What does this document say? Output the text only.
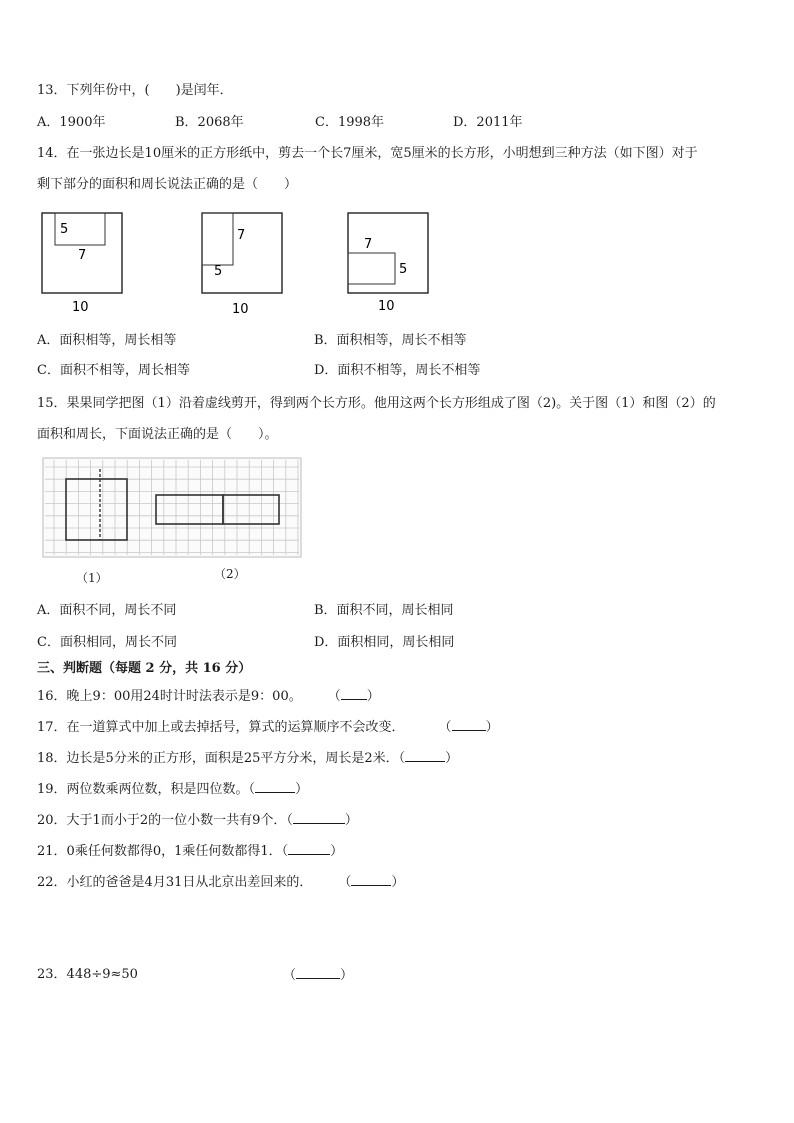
13．下列年份中，(　　)是闰年．
A．1900年	B．2068年	C．1998年	D．2011年
14．在一张边长是10厘米的正方形纸中，剪去一个长7厘米，宽5厘米的长方形，小明想到三种方法（如下图）对于
剩下部分的面积和周长说法正确的是（　　）
5
7
10
7
5
10
7
5
10
A．面积相等，周长相等	B．面积相等，周长不相等
C．面积不相等，周长相等	D．面积不相等，周长不相等
15．果果同学把图（1）沿着虚线剪开，得到两个长方形。他用这两个长方形组成了图（2)。关于图（1）和图（2）的
面积和周长，下面说法正确的是（　　）。
（1）	（2）
A．面积不同，周长不同	B．面积不同，周长相同
C．面积相同，周长不同	D．面积相同，周长相同
三、判断题（每题 2 分，共 16 分）
16．晚上9：00用24时计时法表示是9：00。 （ ）
17．在一道算式中加上或去掉括号，算式的运算顺序不会改变．	（	）
18．边长是5分米的正方形，面积是25平方分米，周长是2米．（	）
19．两位数乘两位数，积是四位数。（	）
20．大于1而小于2的一位小数一共有9个．（	）
21．0乘任何数都得0，1乘任何数都得1．（	）
22．小红的爸爸是4月31日从北京出差回来的． （	）
23．448÷9≈50	（	）
